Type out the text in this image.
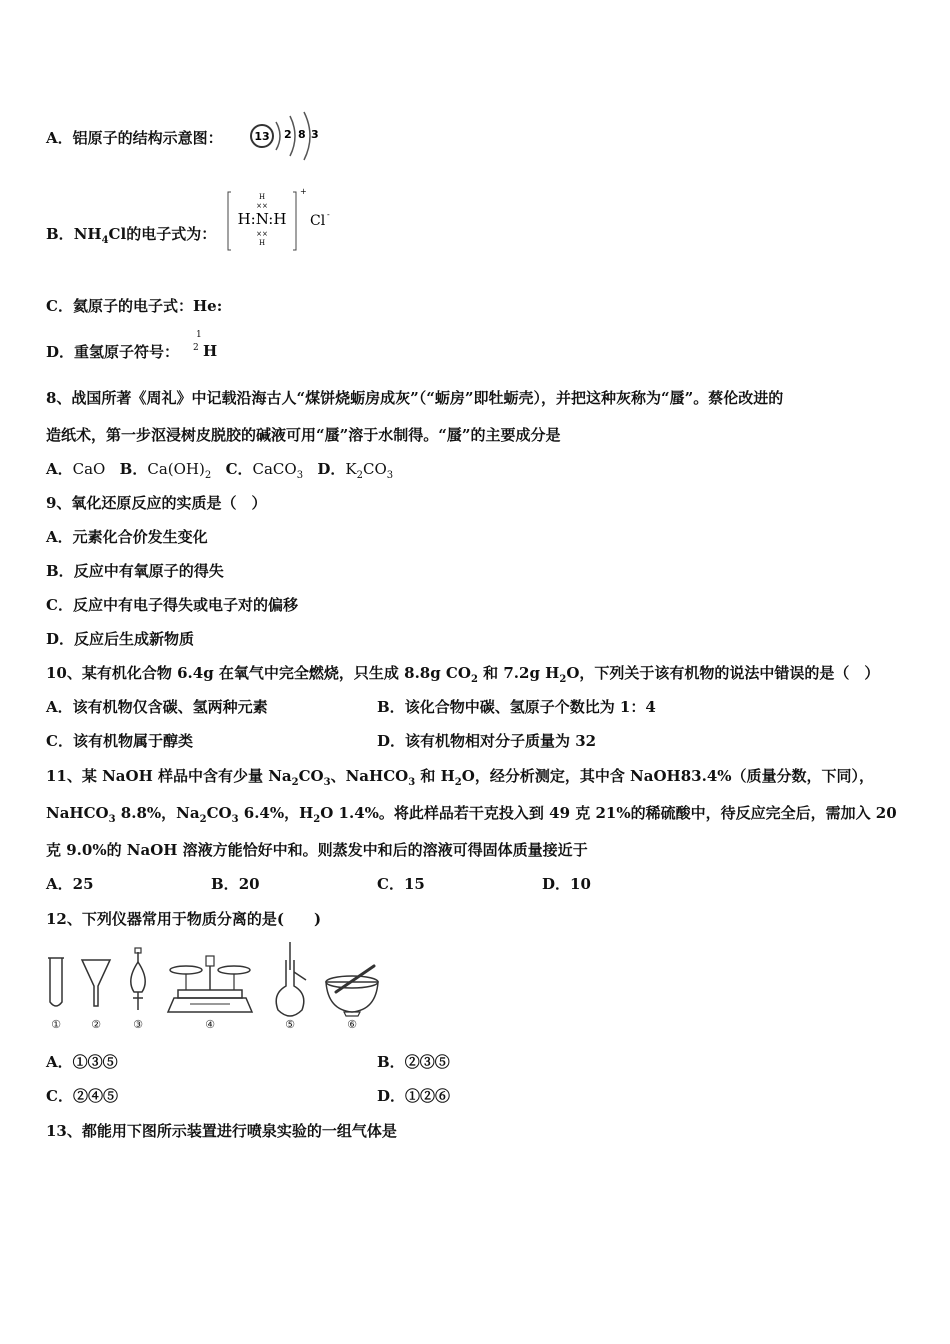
A．铝原子的结构示意图：	13 2 8 3
B．$NH_4Cl$的电子式为：
H
××
H:N:H
××
H
+
Cl -
C．氦原子的电子式：He:
D．重氢原子符号：
1
2 H
8、战国所著《周礼》中记载沿海古人“煤饼烧蛎房成灰”（“蛎房”即牡蛎壳），并把这种灰称为“蜃”。蔡伦改进的
造纸术，第一步沤浸树皮脱胶的碱液可用“蜃”溶于水制得。“蜃”的主要成分是
A．CaO B．$Ca(OH)_2$ C．CaCO$_3$ D．$K_2CO_3$
9、氧化还原反应的实质是（　）
A．元素化合价发生变化
B．反应中有氧原子的得失
C．反应中有电子得失或电子对的偏移
D．反应后生成新物质
10、某有机化合物 6.4g 在氧气中完全燃烧，只生成 8.8g $CO_2$ 和 7.2g $H_2O$，下列关于该有机物的说法中错误的是（　）
A．该有机物仅含碳、氢两种元素	B．该化合物中碳、氢原子个数比为 1：4
C．该有机物属于醇类	D．该有机物相对分子质量为 32
11、某 NaOH 样品中含有少量 $Na_2CO_3$、NaHCO$_3$ 和 $H_2O$，经分析测定，其中含 NaOH83.4%（质量分数，下同），
NaHCO$_3$ 8.8%，$Na_2CO_3$ 6.4%，$H_2O$ 1.4%。将此样品若干克投入到 49 克 21%的稀硫酸中，待反应完全后，需加入 20
克 9.0%的 NaOH 溶液方能恰好中和。则蒸发中和后的溶液可得固体质量接近于
A．25	B．20	C．15	D．10
12、下列仪器常用于物质分离的是(　　)
①	②	③	④	⑤	⑥
A．①③⑤	B．②③⑤
C．②④⑤	D．①②⑥
13、都能用下图所示装置进行喷泉实验的一组气体是
